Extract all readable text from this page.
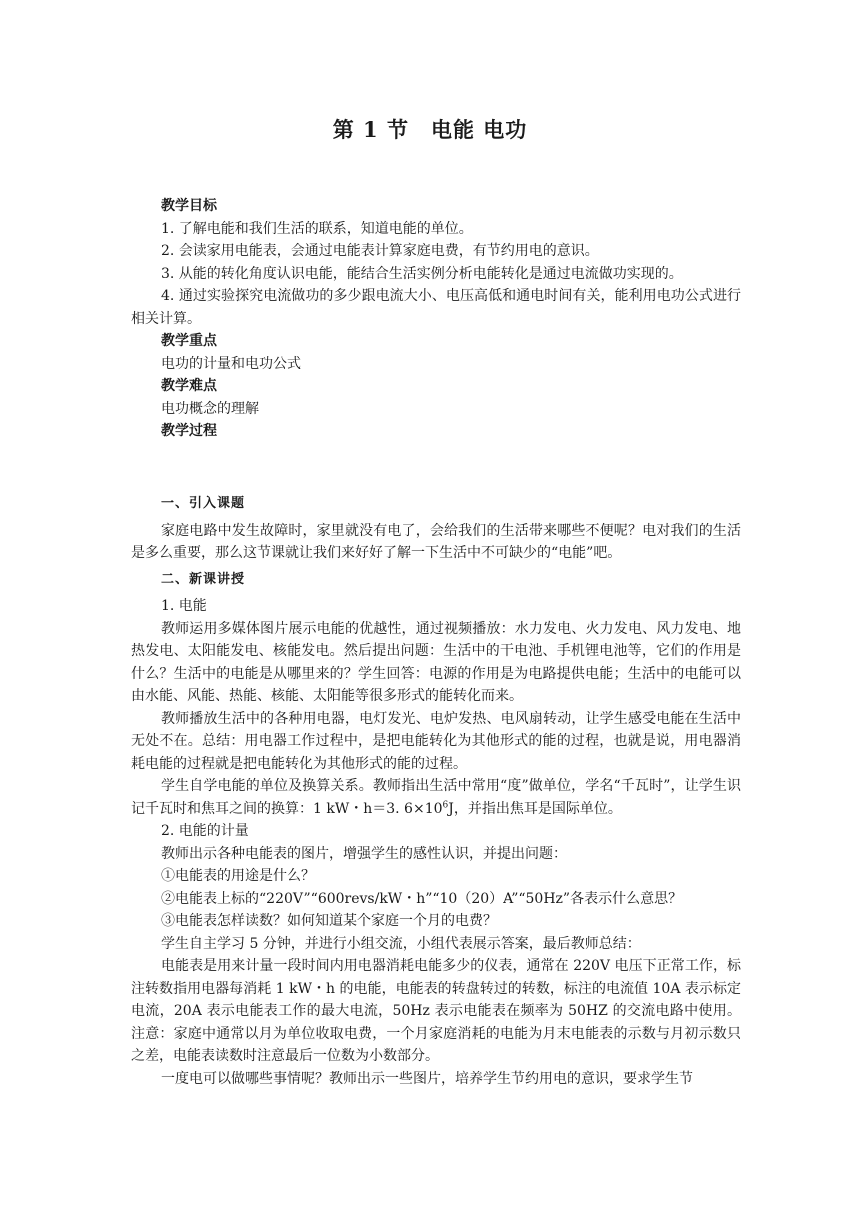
第 1 节　电能 电功

教学目标

1. 了解电能和我们生活的联系，知道电能的单位。

2. 会读家用电能表，会通过电能表计算家庭电费，有节约用电的意识。

3. 从能的转化角度认识电能，能结合生活实例分析电能转化是通过电流做功实现的。

4. 通过实验探究电流做功的多少跟电流大小、电压高低和通电时间有关，能利用电功公式进行相关计算。

教学重点

电功的计量和电功公式

教学难点

电功概念的理解

教学过程

一、引入课题

家庭电路中发生故障时，家里就没有电了，会给我们的生活带来哪些不便呢？电对我们的生活是多么重要，那么这节课就让我们来好好了解一下生活中不可缺少的“电能”吧。

二、新课讲授

1. 电能

教师运用多媒体图片展示电能的优越性，通过视频播放：水力发电、火力发电、风力发电、地热发电、太阳能发电、核能发电。然后提出问题：生活中的干电池、手机锂电池等，它们的作用是什么？生活中的电能是从哪里来的？学生回答：电源的作用是为电路提供电能；生活中的电能可以由水能、风能、热能、核能、太阳能等很多形式的能转化而来。

教师播放生活中的各种用电器，电灯发光、电炉发热、电风扇转动，让学生感受电能在生活中无处不在。总结：用电器工作过程中，是把电能转化为其他形式的能的过程，也就是说，用电器消耗电能的过程就是把电能转化为其他形式的能的过程。

学生自学电能的单位及换算关系。教师指出生活中常用“度”做单位，学名“千瓦时”，让学生识记千瓦时和焦耳之间的换算：1 kW・h＝3. $6\times 10^6J$，并指出焦耳是国际单位。

2. 电能的计量

教师出示各种电能表的图片，增强学生的感性认识，并提出问题：

①电能表的用途是什么？

②电能表上标的“220V”“600revs/kW・h”“10（20）A”“50Hz”各表示什么意思？

③电能表怎样读数？如何知道某个家庭一个月的电费？

学生自主学习 5 分钟，并进行小组交流，小组代表展示答案，最后教师总结：

电能表是用来计量一段时间内用电器消耗电能多少的仪表，通常在 220V 电压下正常工作，标注转数指用电器每消耗 1 kW・h 的电能，电能表的转盘转过的转数，标注的电流值 10A 表示标定电流，20A 表示电能表工作的最大电流，50Hz 表示电能表在频率为 50HZ 的交流电路中使用。注意：家庭中通常以月为单位收取电费，一个月家庭消耗的电能为月末电能表的示数与月初示数只之差，电能表读数时注意最后一位数为小数部分。

一度电可以做哪些事情呢？教师出示一些图片，培养学生节约用电的意识，要求学生节
